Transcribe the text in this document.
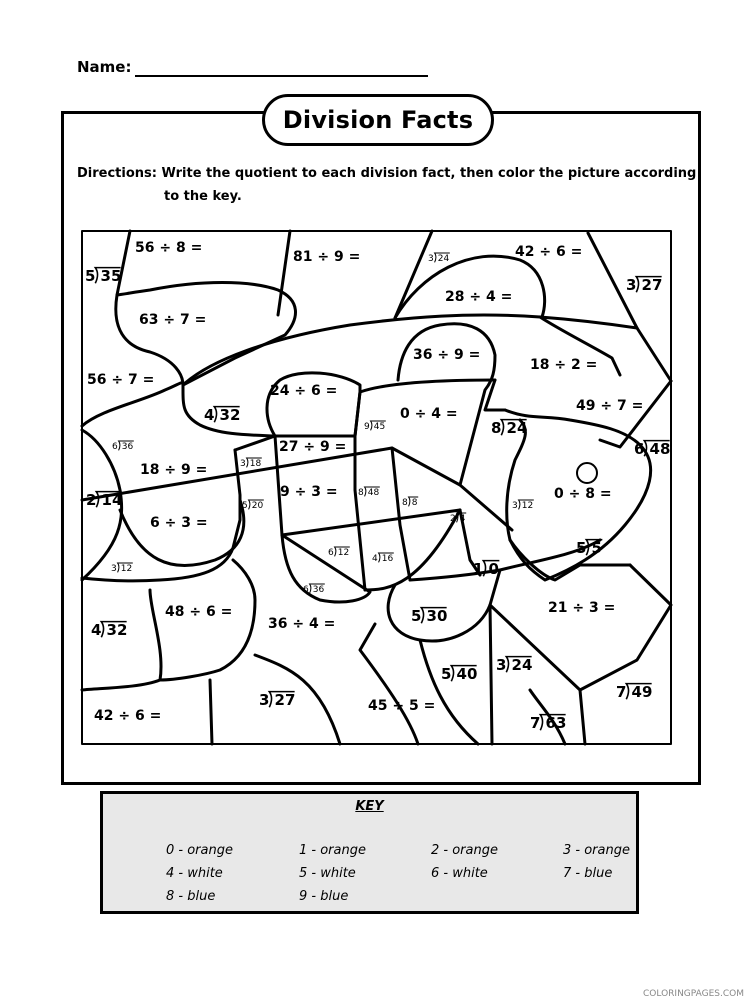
Name:
Division Facts
Directions: Write the quotient to each division fact, then color the picture according
to the key.
56 ÷ 8 =
81 ÷ 9 =	42 ÷ 6 =
63 ÷ 7 =
28 ÷ 4 =
56 ÷ 7 =
36 ÷ 9 =
24 ÷ 6 =
18 ÷ 2 =
0 ÷ 4 =	49 ÷ 7 =
27 ÷ 9 =
18 ÷ 9 =
9 ÷ 3 =	0 ÷ 8 =
6 ÷ 3 =
48 ÷ 6 =
36 ÷ 4 =
21 ÷ 3 =
42 ÷ 6 =
45 ÷ 5 =
5 35
3 24
3 27
4 32
9 45	8 24
6 36	6 48
3 18
2 14	8 48
8 8
5 20
2 4
3 12
6 12
4 16
5 5
3 12	1 0
6 36
5 30
4 32
5 40 3 24
3 27	7 49
7 63
COLORINGPAGES.COM
KEY
0 - orange	1 - orange	2 - orange	3 - orange
4 - white	5 - white	6 - white	7 - blue
8 - blue	9 - blue
